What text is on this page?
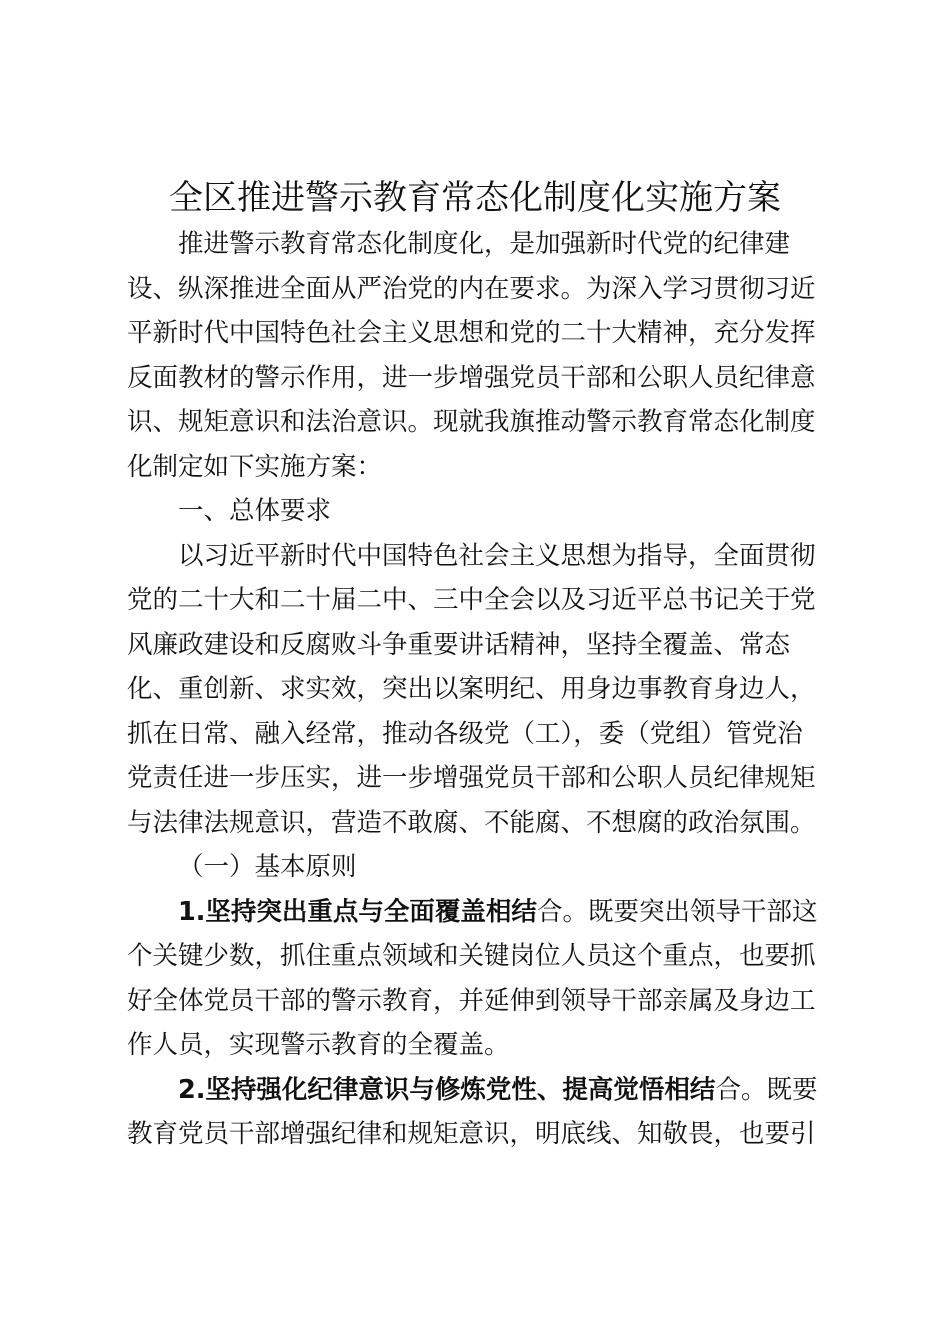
全区推进警示教育常态化制度化实施方案
推进警示教育常态化制度化，是加强新时代党的纪律建
设、纵深推进全面从严治党的内在要求。为深入学习贯彻习近
平新时代中国特色社会主义思想和党的二十大精神，充分发挥
反面教材的警示作用，进一步增强党员干部和公职人员纪律意
识、规矩意识和法治意识。现就我旗推动警示教育常态化制度
化制定如下实施方案：
一、总体要求
以习近平新时代中国特色社会主义思想为指导，全面贯彻
党的二十大和二十届二中、三中全会以及习近平总书记关于党
风廉政建设和反腐败斗争重要讲话精神，坚持全覆盖、常态
化、重创新、求实效，突出以案明纪、用身边事教育身边人，
抓在日常、融入经常，推动各级党（工），委（党组）管党治
党责任进一步压实，进一步增强党员干部和公职人员纪律规矩
与法律法规意识，营造不敢腐、不能腐、不想腐的政治氛围。
（一）基本原则
1.坚持突出重点与全面覆盖相结合。既要突出领导干部这
个关键少数，抓住重点领域和关键岗位人员这个重点，也要抓
好全体党员干部的警示教育，并延伸到领导干部亲属及身边工
作人员，实现警示教育的全覆盖。
2.坚持强化纪律意识与修炼党性、提高觉悟相结合。既要
教育党员干部增强纪律和规矩意识，明底线、知敬畏，也要引
